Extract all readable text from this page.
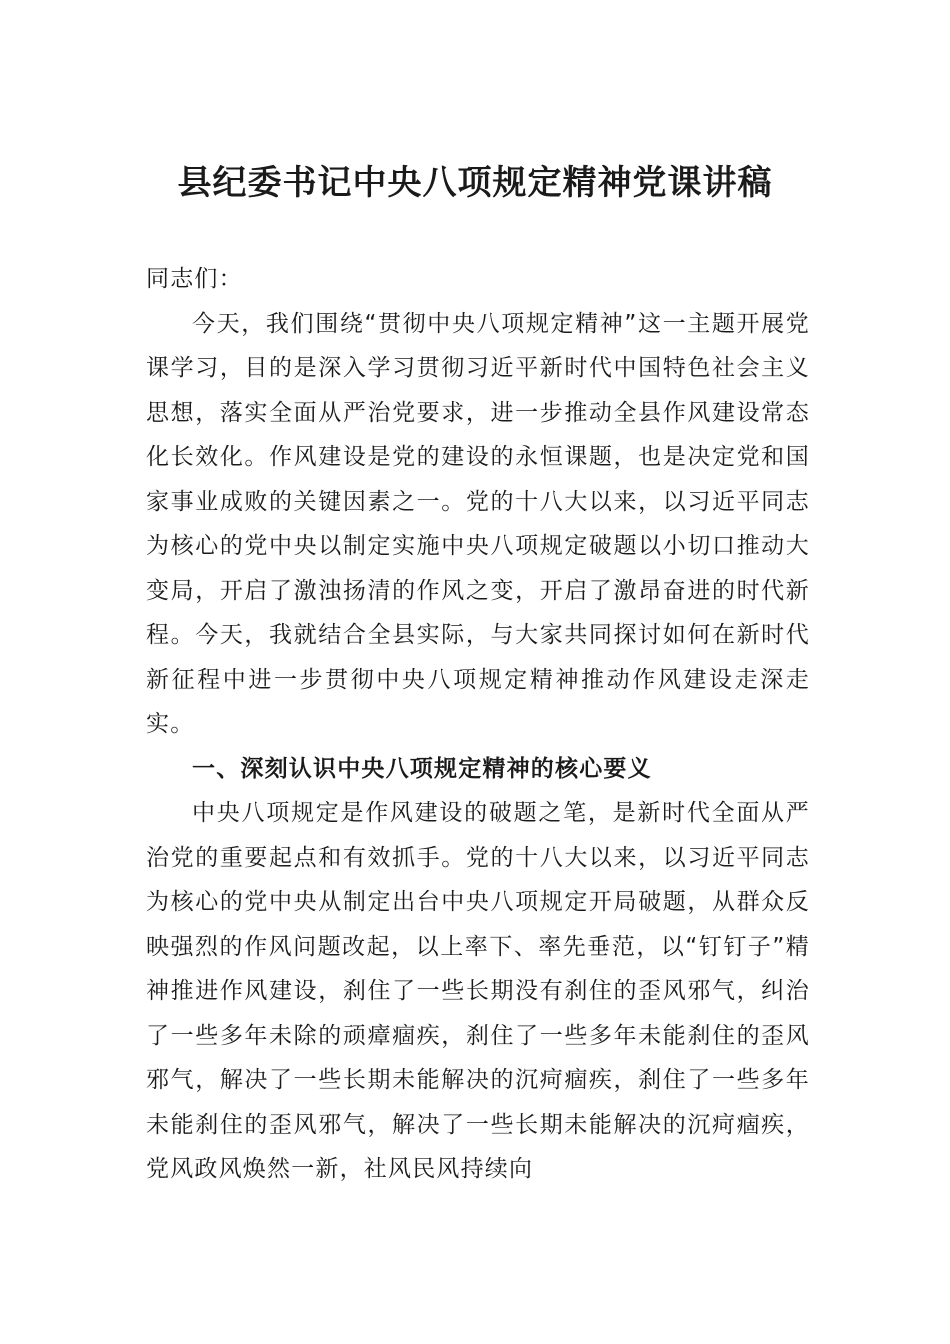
县纪委书记中央八项规定精神党课讲稿

同志们：

今天，我们围绕“贯彻中央八项规定精神”这一主题开展党课学习，目的是深入学习贯彻习近平新时代中国特色社会主义思想，落实全面从严治党要求，进一步推动全县作风建设常态化长效化。作风建设是党的建设的永恒课题，也是决定党和国家事业成败的关键因素之一。党的十八大以来，以习近平同志为核心的党中央以制定实施中央八项规定破题以小切口推动大变局，开启了激浊扬清的作风之变，开启了激昂奋进的时代新程。今天，我就结合全县实际，与大家共同探讨如何在新时代新征程中进一步贯彻中央八项规定精神推动作风建设走深走实。

一、深刻认识中央八项规定精神的核心要义

中央八项规定是作风建设的破题之笔，是新时代全面从严治党的重要起点和有效抓手。党的十八大以来，以习近平同志为核心的党中央从制定出台中央八项规定开局破题，从群众反映强烈的作风问题改起，以上率下、率先垂范，以“钉钉子”精神推进作风建设，刹住了一些长期没有刹住的歪风邪气，纠治了一些多年未除的顽瘴痼疾，刹住了一些多年未能刹住的歪风邪气，解决了一些长期未能解决的沉疴痼疾，刹住了一些多年未能刹住的歪风邪气，解决了一些长期未能解决的沉疴痼疾，党风政风焕然一新，社风民风持续向
